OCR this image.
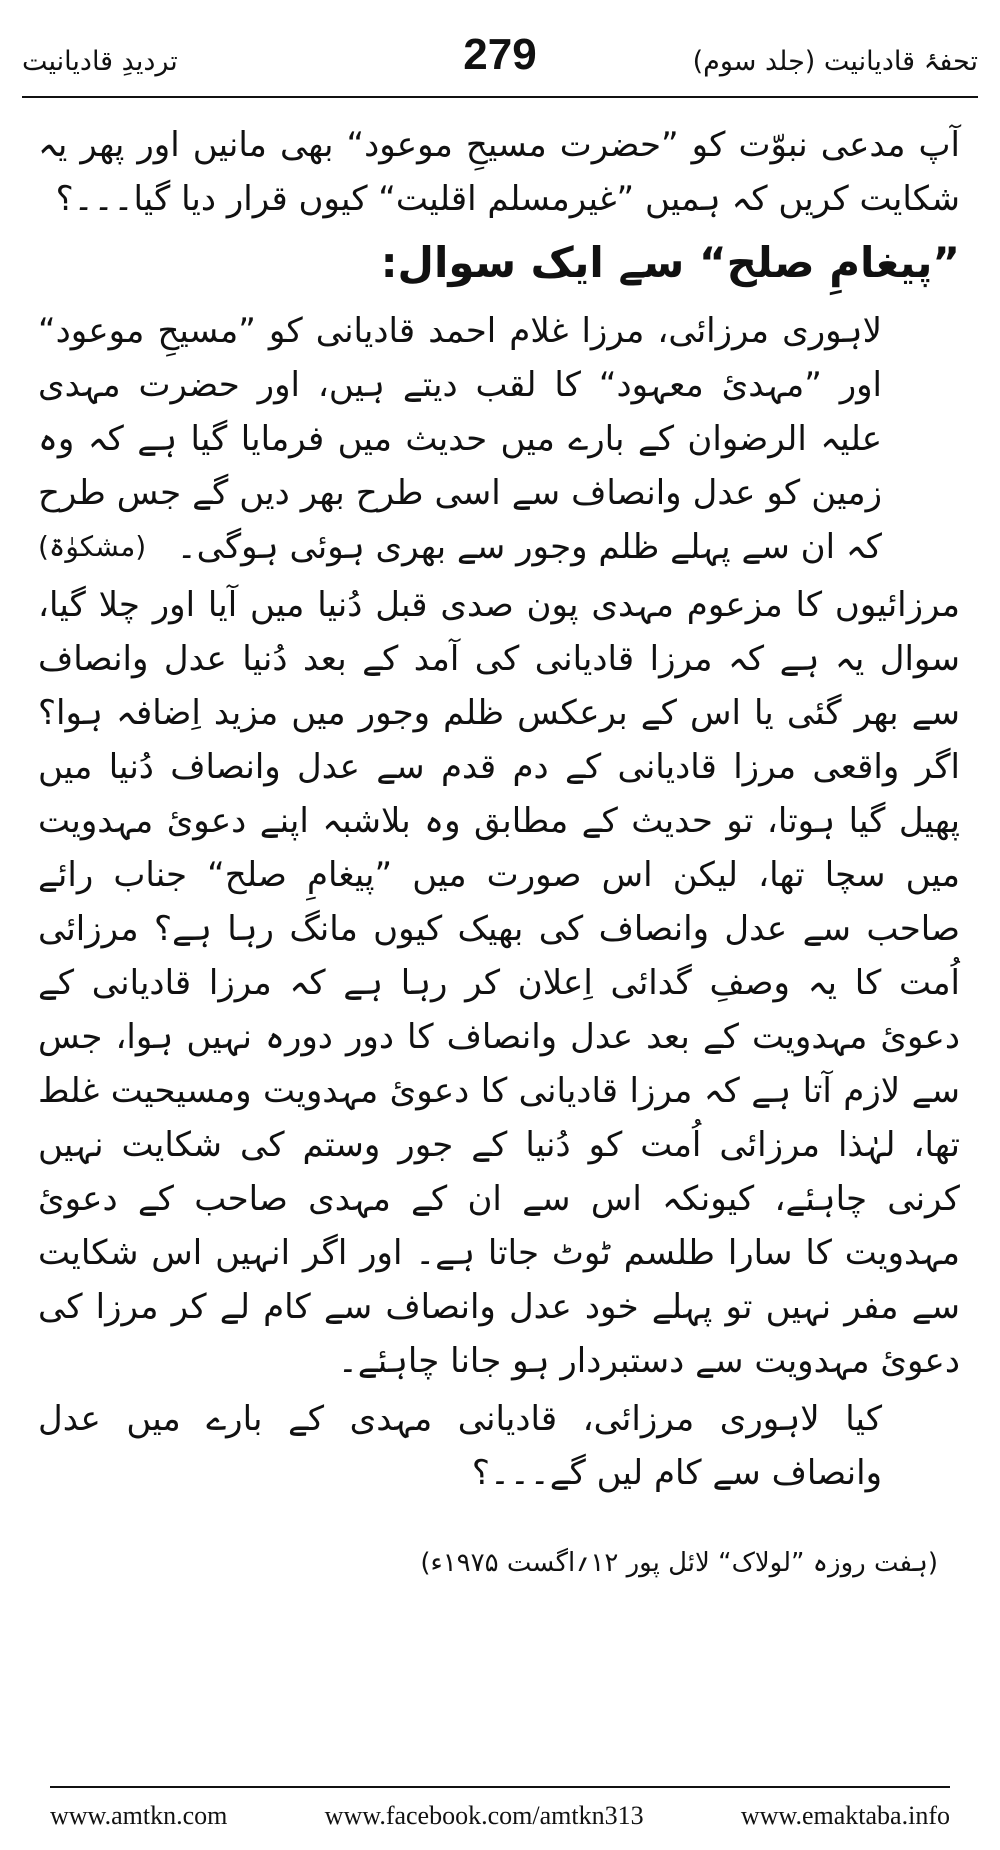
تحفۂ قادیانیت (جلد سوم)
279
تردیدِ قادیانیت

آپ مدعی نبوّت کو ”حضرت مسیحِ موعود“ بھی مانیں اور پھر یہ شکایت کریں کہ ہمیں ”غیرمسلم اقلیت“ کیوں قرار دیا گیا۔۔۔؟

”پیغامِ صلح“ سے ایک سوال:

لاہوری مرزائی، مرزا غلام احمد قادیانی کو ”مسیحِ موعود“ اور ”مہدیٔ معہود“ کا لقب دیتے ہیں، اور حضرت مہدی علیہ الرضوان کے بارے میں حدیث میں فرمایا گیا ہے کہ وہ زمین کو عدل وانصاف سے اسی طرح بھر دیں گے جس طرح کہ ان سے پہلے ظلم وجور سے بھری ہوئی ہوگی۔
(مشکوٰۃ)

مرزائیوں کا مزعوم مہدی پون صدی قبل دُنیا میں آیا اور چلا گیا، سوال یہ ہے کہ مرزا قادیانی کی آمد کے بعد دُنیا عدل وانصاف سے بھر گئی یا اس کے برعکس ظلم وجور میں مزید اِضافہ ہوا؟ اگر واقعی مرزا قادیانی کے دم قدم سے عدل وانصاف دُنیا میں پھیل گیا ہوتا، تو حدیث کے مطابق وہ بلاشبہ اپنے دعویٔ مہدویت میں سچا تھا، لیکن اس صورت میں ”پیغامِ صلح“ جناب رائے صاحب سے عدل وانصاف کی بھیک کیوں مانگ رہا ہے؟ مرزائی اُمت کا یہ وصفِ گدائی اِعلان کر رہا ہے کہ مرزا قادیانی کے دعویٔ مہدویت کے بعد عدل وانصاف کا دور دورہ نہیں ہوا، جس سے لازم آتا ہے کہ مرزا قادیانی کا دعویٔ مہدویت ومسیحیت غلط تھا، لہٰذا مرزائی اُمت کو دُنیا کے جور وستم کی شکایت نہیں کرنی چاہئے، کیونکہ اس سے ان کے مہدی صاحب کے دعویٔ مہدویت کا سارا طلسم ٹوٹ جاتا ہے۔ اور اگر انہیں اس شکایت سے مفر نہیں تو پہلے خود عدل وانصاف سے کام لے کر مرزا کی دعویٔ مہدویت سے دستبردار ہو جانا چاہئے۔

کیا لاہوری مرزائی، قادیانی مہدی کے بارے میں عدل وانصاف سے کام لیں گے۔۔۔؟

(ہفت روزہ ”لولاک“ لائل پور ۱۲؍اگست ۱۹۷۵ء)

www.amtkn.com	www.facebook.com/amtkn313	www.emaktaba.info
